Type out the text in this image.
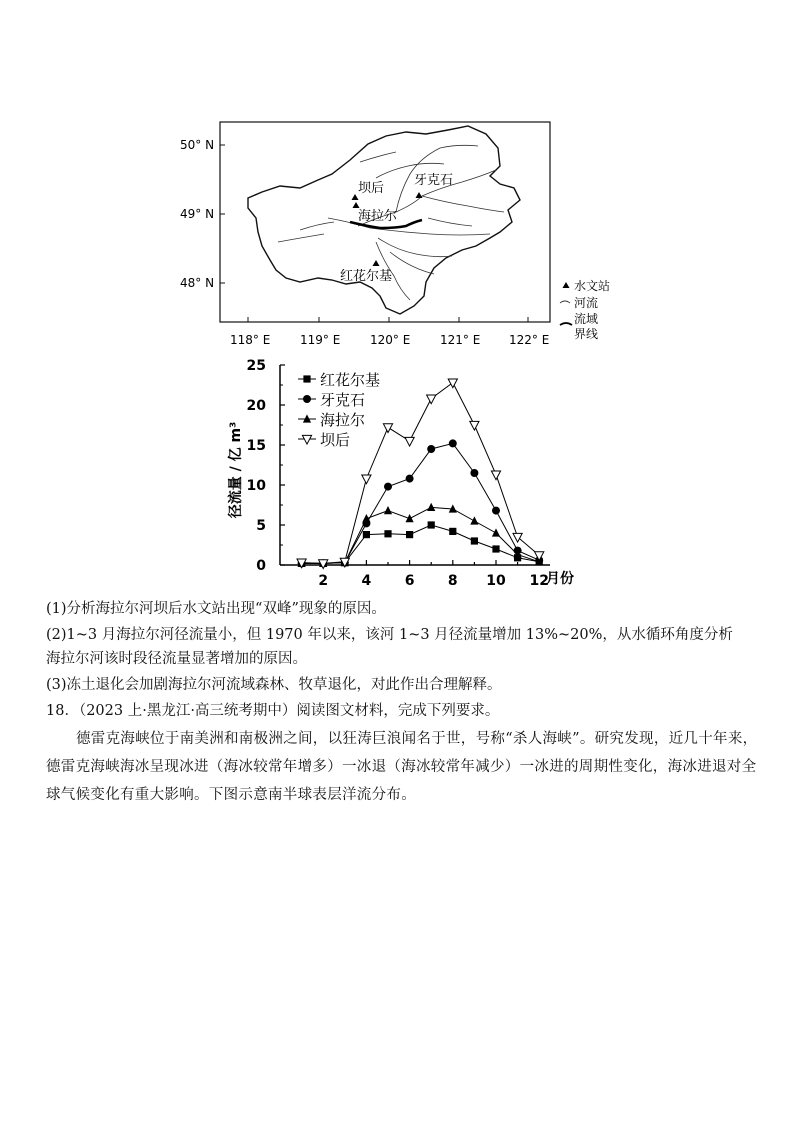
50° N
49° N
48° N
118° E 119° E 120° E 121° E 122° E
坝后
牙克石
海拉尔
红花尔基
水文站
河流
流域
界线
0
5
10
15
20
25
2 4 6 8 10 12
红花尔基
牙克石
海拉尔
坝后
径流量 / 亿 m³
月份
(1)分析海拉尔河坝后水文站出现“双峰”现象的原因。
(2)1~3 月海拉尔河径流量小，但 1970 年以来，该河 1~3 月径流量增加 13%~20%，从水循环角度分析
海拉尔河该时段径流量显著增加的原因。
(3)冻土退化会加剧海拉尔河流域森林、牧草退化，对此作出合理解释。
18．（2023 上·黑龙江·高三统考期中）阅读图文材料，完成下列要求。
德雷克海峡位于南美洲和南极洲之间，以狂涛巨浪闻名于世，号称“杀人海峡”。研究发现，近几十年来，德雷克海峡海冰呈现冰进（海冰较常年增多）一冰退（海冰较常年减少）一冰进的周期性变化，海冰进退对全球气候变化有重大影响。下图示意南半球表层洋流分布。
